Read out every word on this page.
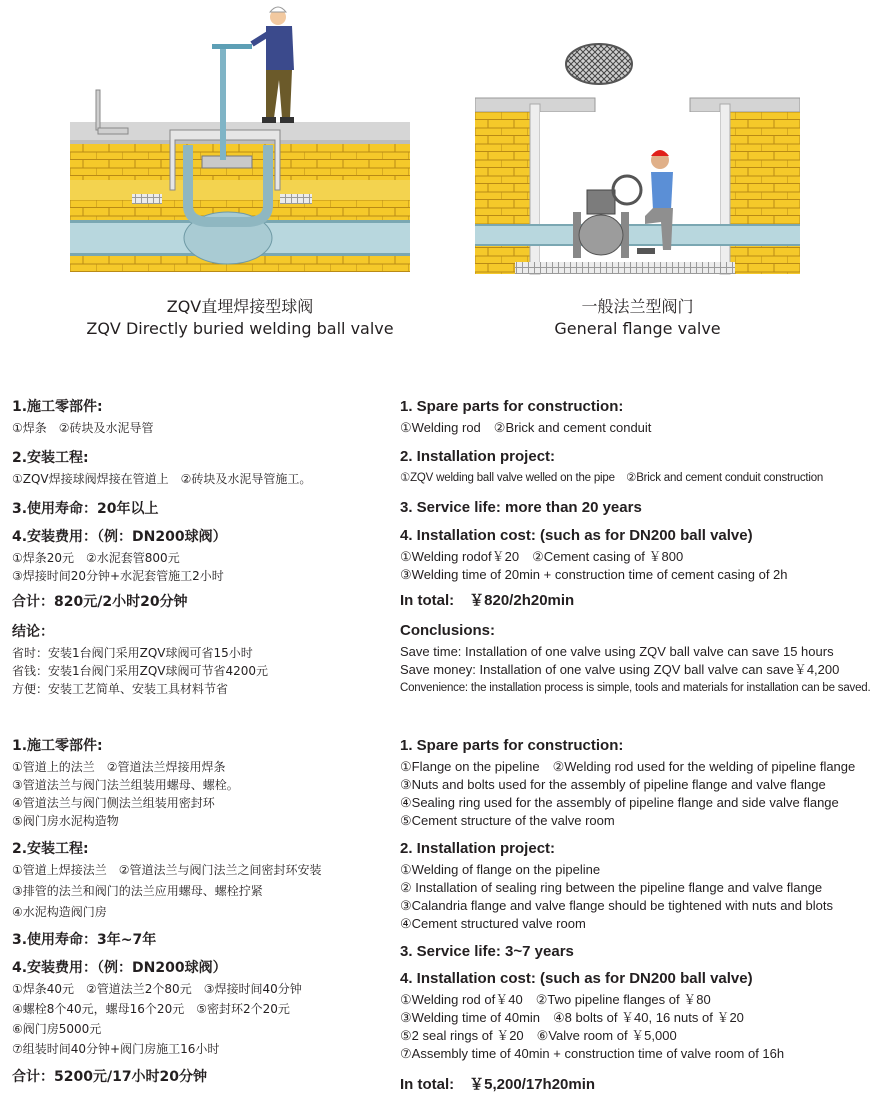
ZQV直埋焊接型球阀
ZQV Directly buried welding ball valve
一般法兰型阀门
General flange valve
1.施工零部件:
①焊条　②砖块及水泥导管
2.安装工程:
①ZQV焊接球阀焊接在管道上　②砖块及水泥导管施工。
3.使用寿命：20年以上
4.安装费用：（例：DN200球阀）
①焊条20元　②水泥套管800元
③焊接时间20分钟+水泥套管施工2小时
合计：820元/2小时20分钟
结论：
省时：安装1台阀门采用ZQV球阀可省15小时
省钱：安装1台阀门采用ZQV球阀可节省4200元
方便：安装工艺简单、安装工具材料节省
1. Spare parts for construction:
①Welding rod　②Brick and cement conduit
2. Installation project:
①ZQV welding ball valve welled on the pipe　②Brick and cement conduit construction
3. Service life: more than 20 years
4. Installation cost: (such as for DN200 ball valve)
①Welding rodof￥20　②Cement casing of ￥800
③Welding time of 20min + construction time of cement casing of 2h
In total:　￥820/2h20min
Conclusions:
Save time: Installation of one valve using ZQV ball valve can save 15 hours
Save money: Installation of one valve using ZQV ball valve can save￥4,200
Convenience: the installation process is simple, tools and materials for installation can be saved.
1.施工零部件:
①管道上的法兰　②管道法兰焊接用焊条
③管道法兰与阀门法兰组装用螺母、螺栓。
④管道法兰与阀门侧法兰组装用密封环
⑤阀门房水泥构造物
2.安装工程:
①管道上焊接法兰　②管道法兰与阀门法兰之间密封环安装
③排管的法兰和阀门的法兰应用螺母、螺栓拧紧
④水泥构造阀门房
3.使用寿命：3年~7年
4.安装费用：（例：DN200球阀）
①焊条40元　②管道法兰2个80元　③焊接时间40分钟
④螺栓8个40元，螺母16个20元　⑤密封环2个20元
⑥阀门房5000元
⑦组装时间40分钟+阀门房施工16小时
合计：5200元/17小时20分钟
1. Spare parts for construction:
①Flange on the pipeline　②Welding rod used for the welding of pipeline flange
③Nuts and bolts used for the assembly of pipeline flange and valve flange
④Sealing ring used for the assembly of pipeline flange and side valve flange
⑤Cement structure of the valve room
2. Installation project:
①Welding of flange on the pipeline
② Installation of sealing ring between the pipeline flange and valve flange
③Calandria flange and valve flange should be tightened with nuts and blots
④Cement structured valve room
3. Service life: 3~7 years
4. Installation cost: (such as for DN200 ball valve)
①Welding rod of￥40　②Two pipeline flanges of ￥80
③Welding time of 40min　④8 bolts of ￥40, 16 nuts of ￥20
⑤2 seal rings of ￥20　⑥Valve room of ￥5,000
⑦Assembly time of 40min + construction time of valve room of 16h
In total:　￥5,200/17h20min
